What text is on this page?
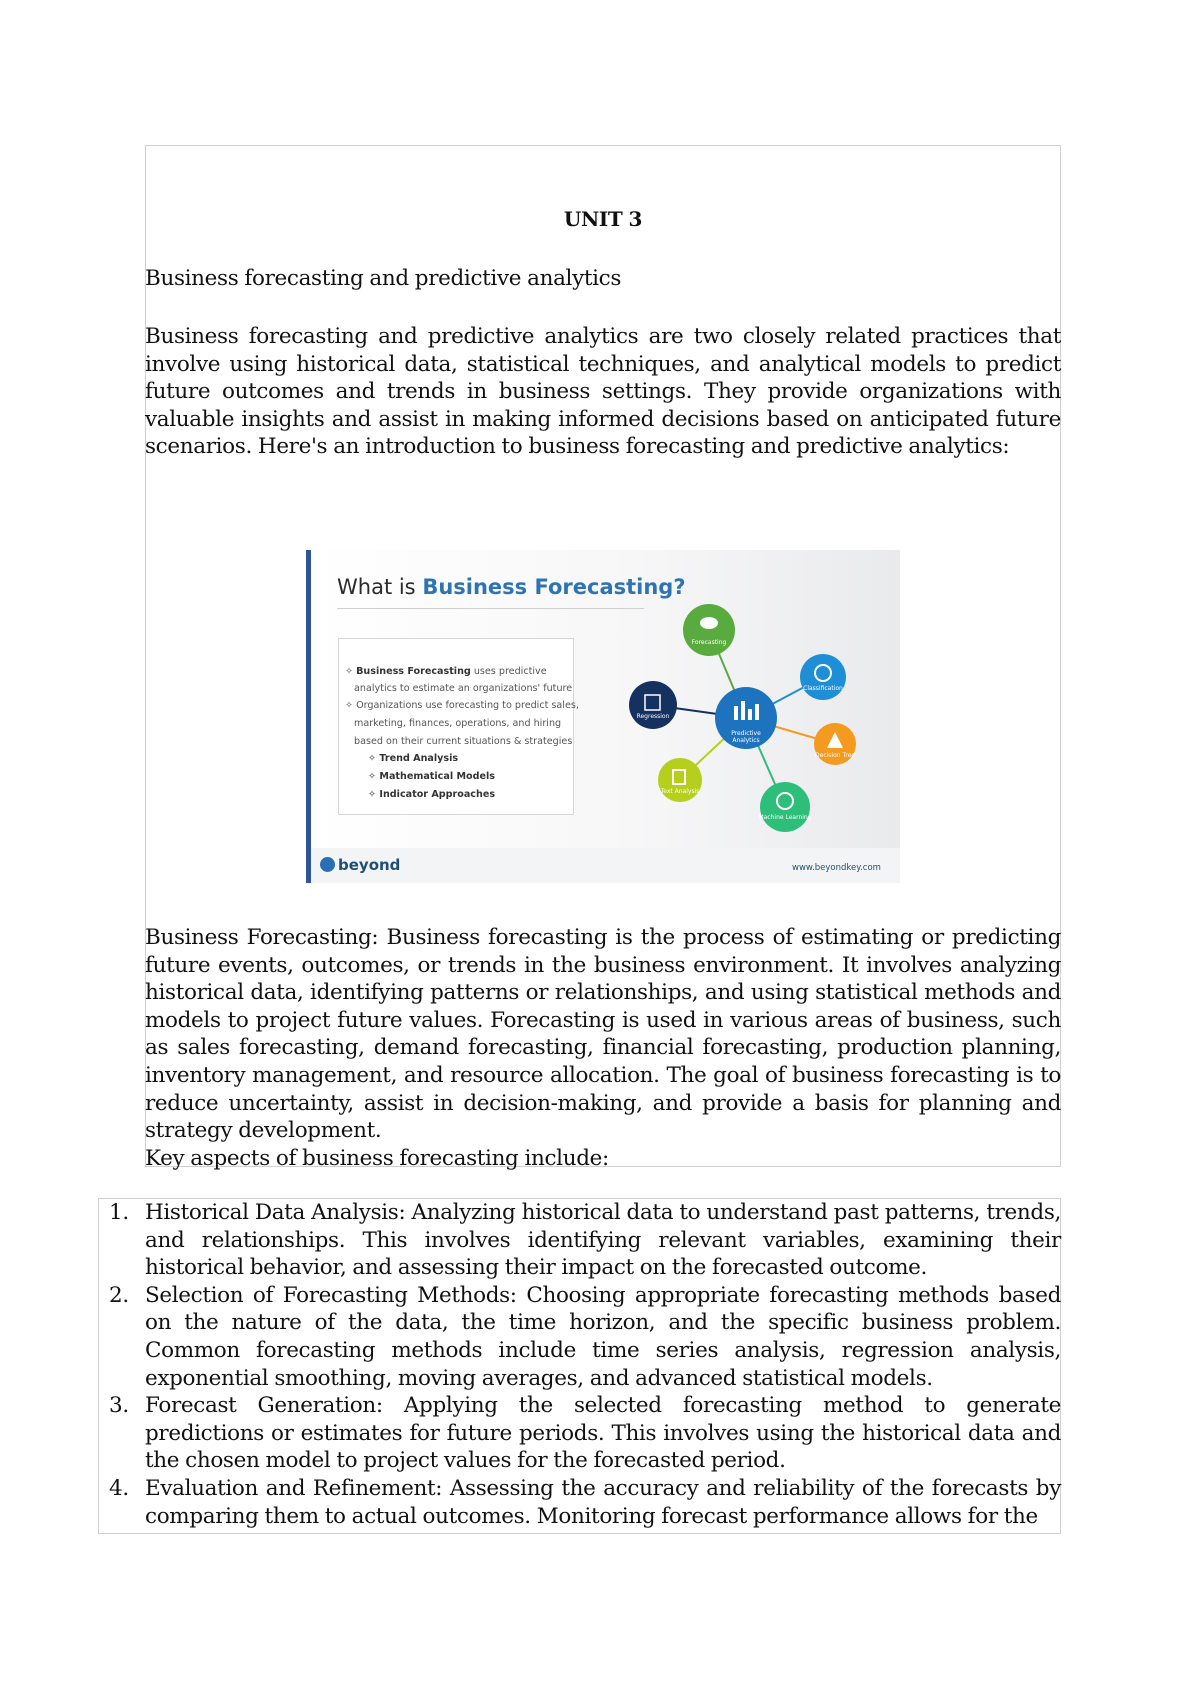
UNIT 3
Business forecasting and predictive analytics
Business forecasting and predictive analytics are two closely related practices that involve using historical data, statistical techniques, and analytical models to predict future outcomes and trends in business settings. They provide organizations with valuable insights and assist in making informed decisions based on anticipated future scenarios. Here's an introduction to business forecasting and predictive analytics:
What is Business Forecasting?
✧ Business Forecasting uses predictive
analytics to estimate an organizations' future
✧ Organizations use forecasting to predict sales,
marketing, finances, operations, and hiring
based on their current situations & strategies
✧ Trend Analysis
✧ Mathematical Models
✧ Indicator Approaches
Predictive
Analytics
Forecasting
Classification
Decision Tree
Machine Learning
Text Analysis
Regression
beyond	www.beyondkey.com
Business Forecasting: Business forecasting is the process of estimating or predicting future events, outcomes, or trends in the business environment. It involves analyzing historical data, identifying patterns or relationships, and using statistical methods and models to project future values. Forecasting is used in various areas of business, such as sales forecasting, demand forecasting, financial forecasting, production planning, inventory management, and resource allocation. The goal of business forecasting is to reduce uncertainty, assist in decision-making, and provide a basis for planning and strategy development.
Key aspects of business forecasting include:
1. Historical Data Analysis: Analyzing historical data to understand past patterns, trends, and relationships. This involves identifying relevant variables, examining their historical behavior, and assessing their impact on the forecasted outcome.
2. Selection of Forecasting Methods: Choosing appropriate forecasting methods based on the nature of the data, the time horizon, and the specific business problem. Common forecasting methods include time series analysis, regression analysis, exponential smoothing, moving averages, and advanced statistical models.
3. Forecast Generation: Applying the selected forecasting method to generate predictions or estimates for future periods. This involves using the historical data and the chosen model to project values for the forecasted period.
4. Evaluation and Refinement: Assessing the accuracy and reliability of the forecasts by comparing them to actual outcomes. Monitoring forecast performance allows for the
